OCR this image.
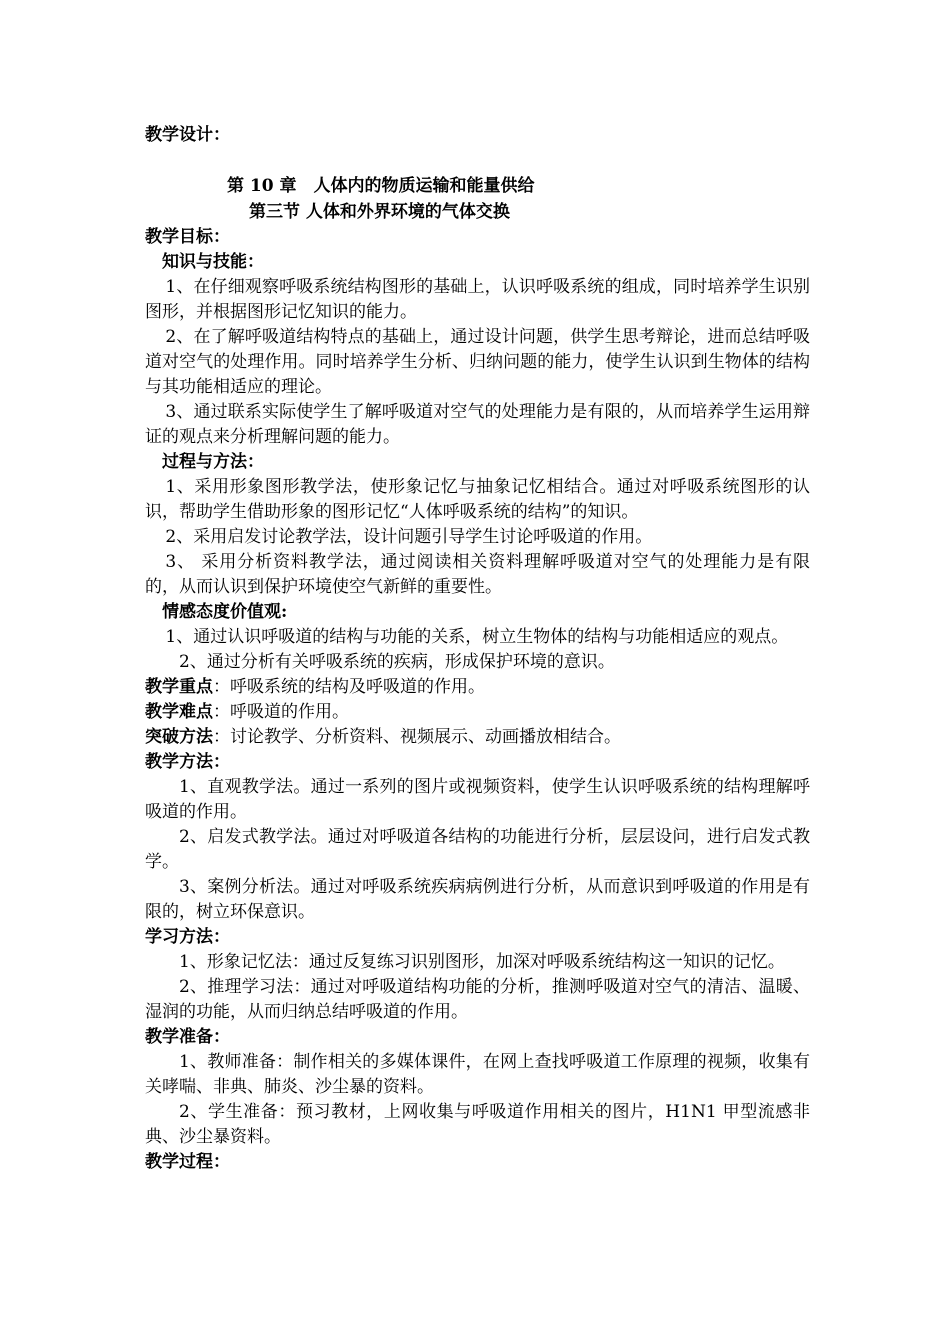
教学设计：
第 10 章　人体内的物质运输和能量供给
第三节 人体和外界环境的气体交换

教学目标：

知识与技能：

1、在仔细观察呼吸系统结构图形的基础上，认识呼吸系统的组成，同时培养学生识别图形，并根据图形记忆知识的能力。

2、在了解呼吸道结构特点的基础上，通过设计问题，供学生思考辩论，进而总结呼吸道对空气的处理作用。同时培养学生分析、归纳问题的能力，使学生认识到生物体的结构与其功能相适应的理论。

3、通过联系实际使学生了解呼吸道对空气的处理能力是有限的，从而培养学生运用辩证的观点来分析理解问题的能力。

过程与方法：

1、采用形象图形教学法，使形象记忆与抽象记忆相结合。通过对呼吸系统图形的认识，帮助学生借助形象的图形记忆“人体呼吸系统的结构”的知识。

2、采用启发讨论教学法，设计问题引导学生讨论呼吸道的作用。

3、 采用分析资料教学法，通过阅读相关资料理解呼吸道对空气的处理能力是有限的，从而认识到保护环境使空气新鲜的重要性。

情感态度价值观:

1、通过认识呼吸道的结构与功能的关系，树立生物体的结构与功能相适应的观点。

2、通过分析有关呼吸系统的疾病，形成保护环境的意识。

教学重点：呼吸系统的结构及呼吸道的作用。

教学难点：呼吸道的作用。

突破方法：讨论教学、分析资料、视频展示、动画播放相结合。

教学方法：

1、直观教学法。通过一系列的图片或视频资料，使学生认识呼吸系统的结构理解呼吸道的作用。

2、启发式教学法。通过对呼吸道各结构的功能进行分析，层层设问，进行启发式教学。

3、案例分析法。通过对呼吸系统疾病病例进行分析，从而意识到呼吸道的作用是有限的，树立环保意识。

学习方法：

1、形象记忆法：通过反复练习识别图形，加深对呼吸系统结构这一知识的记忆。

2、推理学习法：通过对呼吸道结构功能的分析，推测呼吸道对空气的清洁、温暖、湿润的功能，从而归纳总结呼吸道的作用。

教学准备：

1、教师准备：制作相关的多媒体课件，在网上查找呼吸道工作原理的视频，收集有关哮喘、非典、肺炎、沙尘暴的资料。

2、学生准备：预习教材，上网收集与呼吸道作用相关的图片，H1N1 甲型流感非典、沙尘暴资料。

教学过程：
